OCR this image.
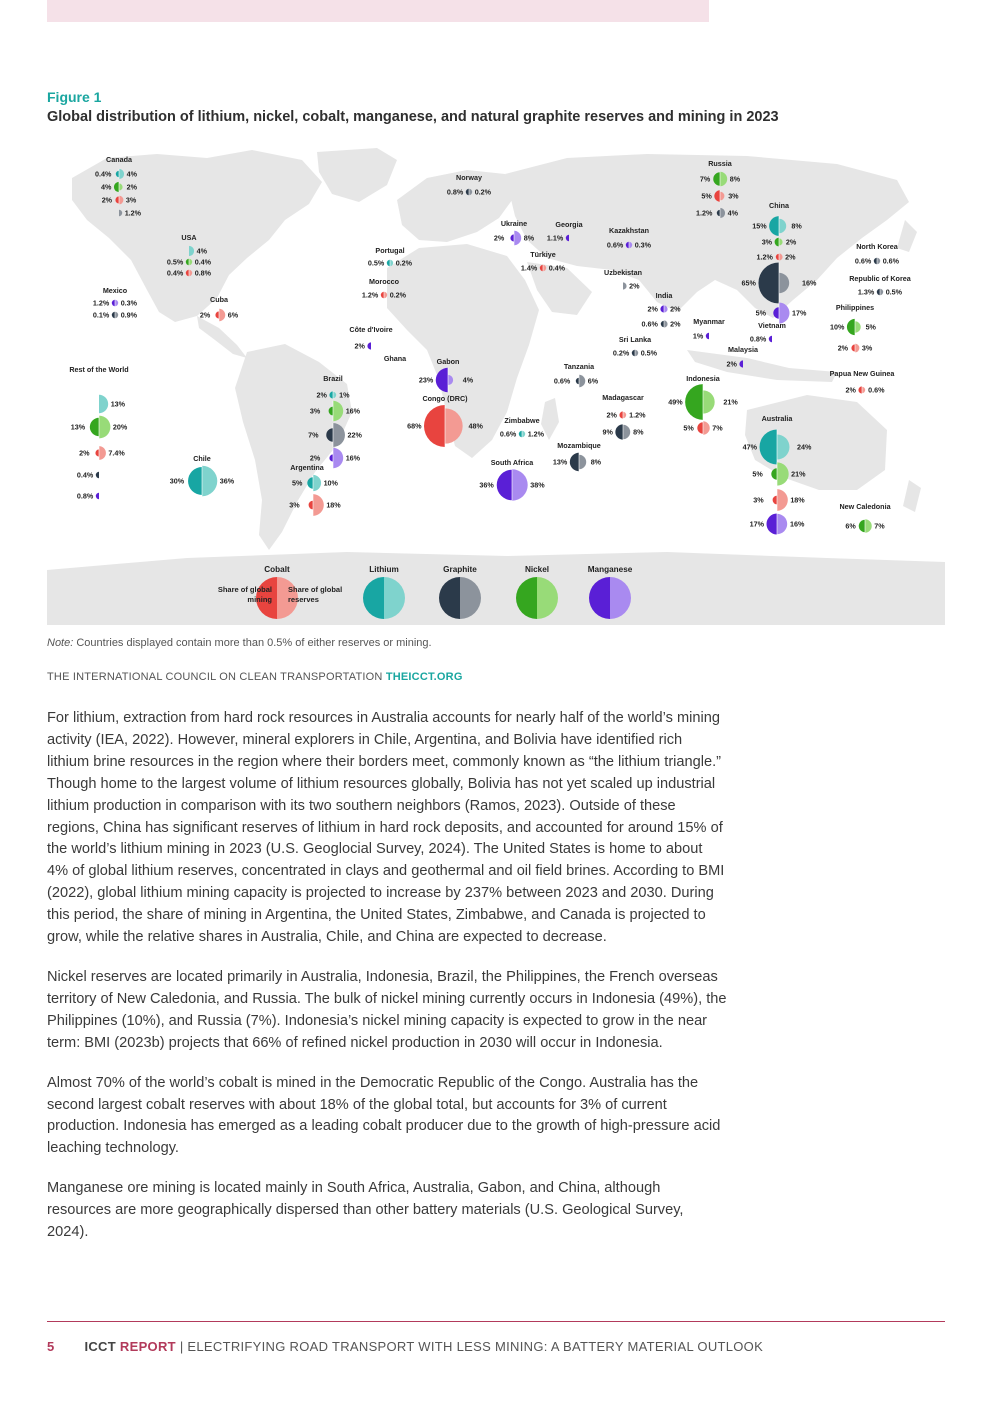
Figure 1
Global distribution of lithium, nickel, cobalt, manganese, and natural graphite reserves and mining in 2023
Canada
0.4% 4%
4% 2%
2% 3%
1.2%
USA
4%
0.5% 0.4%
0.4% 0.8%
Mexico
1.2% 0.3%
0.1% 0.9%
Cuba
2% 6%
Norway
0.8% 0.2%
Portugal
0.5% 0.2%
Morocco
1.2% 0.2%
Ukraine
2%	8%
Georgia
1.1%
Türkiye
1.4% 0.4%
Kazakhstan
0.6% 0.3%
Uzbekistan
2%
Russia
7%	8%
5% 3%
1.2% 4%
China
15%	8%
3% 2%
1.2% 2%
65%	16%
5%	17%
North Korea
0.6% 0.6%
Republic of Korea
1.3% 0.5%
India
2% 2%
0.6% 2%
Sri Lanka
0.2% 0.5%
Myanmar
1%
Vietnam
0.8%
Malaysia
2%
Philippines
10%	5%
2% 3%
Papua New Guinea
2% 0.6%
Indonesia
49%	21%
5%	7%
Australia
47%	24%
5%	21%
3%	18%
17%	16%
New Caledonia
6%	7%
Côte d'Ivoire
2%
Ghana	Gabon
23%	4%
Congo (DRC)
68%	48%
Tanzania
0.6% 6%
Madagascar
2% 1.2%
9%	8%
Zimbabwe
0.6% 1.2%
Mozambique
13%	8%
South Africa
36%	38%
Brazil
2% 1%
3%	16%
7%	22%
2%	16%
Argentina
5%	10%
3%	18%
Chile
30%	36%
Rest of the World
13%
13%	20%
2%	7.4%
0.4%
0.8%
Cobalt	Lithium	Graphite	Nickel	Manganese
Share of global
mining
Share of global
reserves
Note: Countries displayed contain more than 0.5% of either reserves or mining.
THE INTERNATIONAL COUNCIL ON CLEAN TRANSPORTATION THEICCT.ORG

For lithium, extraction from hard rock resources in Australia accounts for nearly half of the world’s mining activity (IEA, 2022). However, mineral explorers in Chile, Argentina, and Bolivia have identified rich lithium brine resources in the region where their borders meet, commonly known as “the lithium triangle.” Though home to the largest volume of lithium resources globally, Bolivia has not yet scaled up industrial lithium production in comparison with its two southern neighbors (Ramos, 2023). Outside of these regions, China has significant reserves of lithium in hard rock deposits, and accounted for around 15% of the world’s lithium mining in 2023 (U.S. Geoglocial Survey, 2024). The United States is home to about 4% of global lithium reserves, concentrated in clays and geothermal and oil field brines. According to BMI (2022), global lithium mining capacity is projected to increase by 237% between 2023 and 2030. During this period, the share of mining in Argentina, the United States, Zimbabwe, and Canada is projected to grow, while the relative shares in Australia, Chile, and China are expected to decrease.

Nickel reserves are located primarily in Australia, Indonesia, Brazil, the Philippines, the French overseas territory of New Caledonia, and Russia. The bulk of nickel mining currently occurs in Indonesia (49%), the Philippines (10%), and Russia (7%). Indonesia’s nickel mining capacity is expected to grow in the near term: BMI (2023b) projects that 66% of refined nickel production in 2030 will occur in Indonesia.

Almost 70% of the world’s cobalt is mined in the Democratic Republic of the Congo. Australia has the second largest cobalt reserves with about 18% of the global total, but accounts for 3% of current production. Indonesia has emerged as a leading cobalt producer due to the growth of high-pressure acid leaching technology.

Manganese ore mining is located mainly in South Africa, Australia, Gabon, and China, although resources are more geographically dispersed than other battery materials (U.S. Geological Survey, 2024).

5 ICCT REPORT | ELECTRIFYING ROAD TRANSPORT WITH LESS MINING: A BATTERY MATERIAL OUTLOOK
